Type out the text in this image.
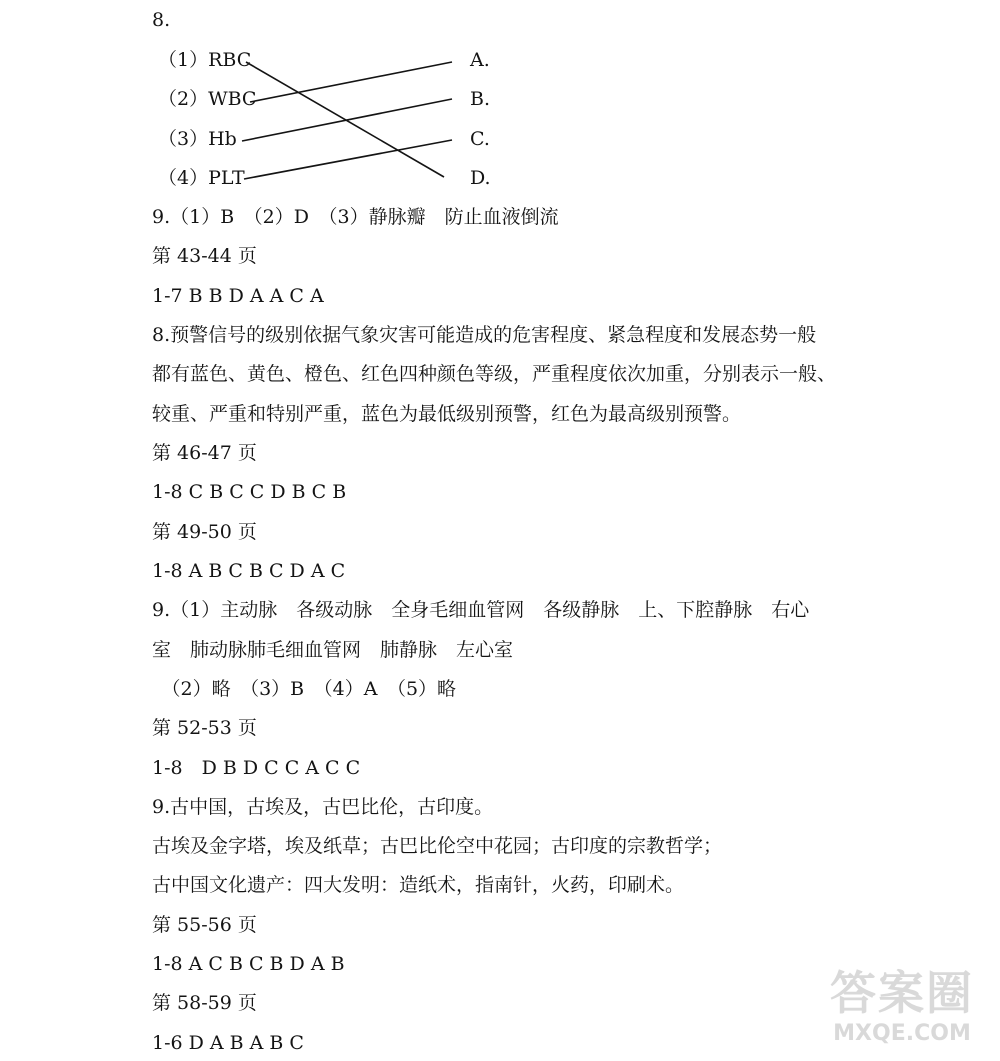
8.
（1）RBC
（2）WBC
（3）Hb
（4）PLT
A.
B.
C.
D.
9.（1）B　（2）D　（3）静脉瓣　防止血液倒流
第 43-44 页
1-7 B B D A A C A
8.预警信号的级别依据气象灾害可能造成的危害程度、紧急程度和发展态势一般
都有蓝色、黄色、橙色、红色四种颜色等级，严重程度依次加重，分别表示一般、
较重、严重和特别严重，蓝色为最低级别预警，红色为最高级别预警。
第 46-47 页
1-8 C B C C D B C B
第 49-50 页
1-8 A B C B C D A C
9.（1）主动脉　各级动脉　全身毛细血管网　各级静脉　上、下腔静脉　右心
室　肺动脉肺毛细血管网　肺静脉　左心室
　（2）略　（3）B　（4）A　（5）略
第 52-53 页
1-8　D B D C C A C C
9.古中国，古埃及，古巴比伦，古印度。
古埃及金字塔，埃及纸草；古巴比伦空中花园；古印度的宗教哲学；
古中国文化遗产：四大发明：造纸术，指南针，火药，印刷术。
第 55-56 页
1-8 A C B C B D A B
第 58-59 页
1-6 D A B A B C
答案圈
MXQE.COM
